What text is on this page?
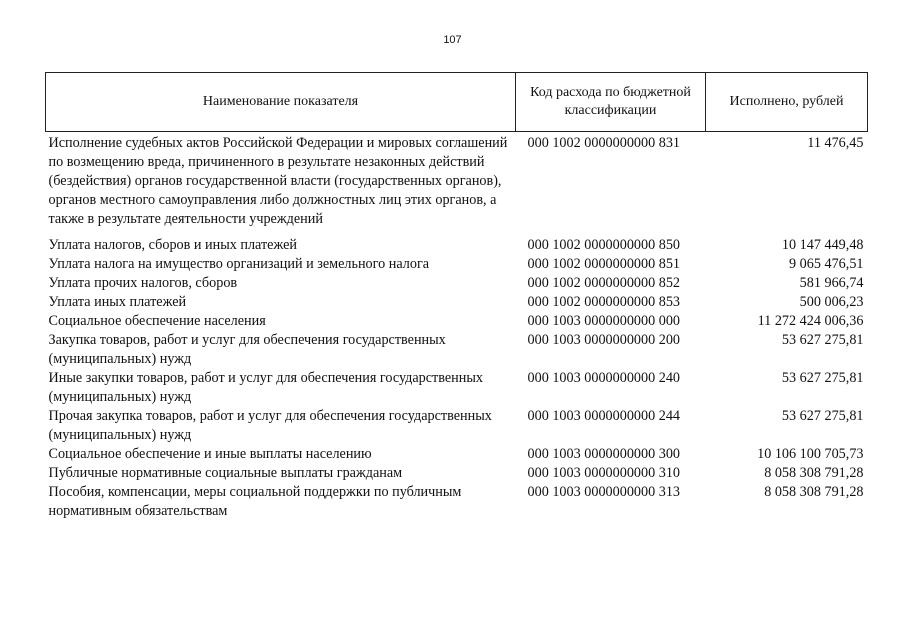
107
Наименование показателя	Код расхода по бюджетной классификации	Исполнено, рублей
Исполнение судебных актов Российской Федерации и мировых соглашений по возмещению вреда, причиненного в результате незаконных действий (бездействия) органов государственной власти (государственных органов), органов местного самоуправления либо должностных лиц этих органов, а также в результате деятельности учреждений	000 1002 0000000000 831	11 476,45
Уплата налогов, сборов и иных платежей	000 1002 0000000000 850	10 147 449,48
Уплата налога на имущество организаций и земельного налога	000 1002 0000000000 851	9 065 476,51
Уплата прочих налогов, сборов	000 1002 0000000000 852	581 966,74
Уплата иных платежей	000 1002 0000000000 853	500 006,23
Социальное обеспечение населения	000 1003 0000000000 000	11 272 424 006,36
Закупка товаров, работ и услуг для обеспечения государственных (муниципальных) нужд	000 1003 0000000000 200	53 627 275,81
Иные закупки товаров, работ и услуг для обеспечения государственных (муниципальных) нужд	000 1003 0000000000 240	53 627 275,81
Прочая закупка товаров, работ и услуг для обеспечения государственных (муниципальных) нужд	000 1003 0000000000 244	53 627 275,81
Социальное обеспечение и иные выплаты населению	000 1003 0000000000 300	10 106 100 705,73
Публичные нормативные социальные выплаты гражданам	000 1003 0000000000 310	8 058 308 791,28
Пособия, компенсации, меры социальной поддержки по публичным нормативным обязательствам	000 1003 0000000000 313	8 058 308 791,28
